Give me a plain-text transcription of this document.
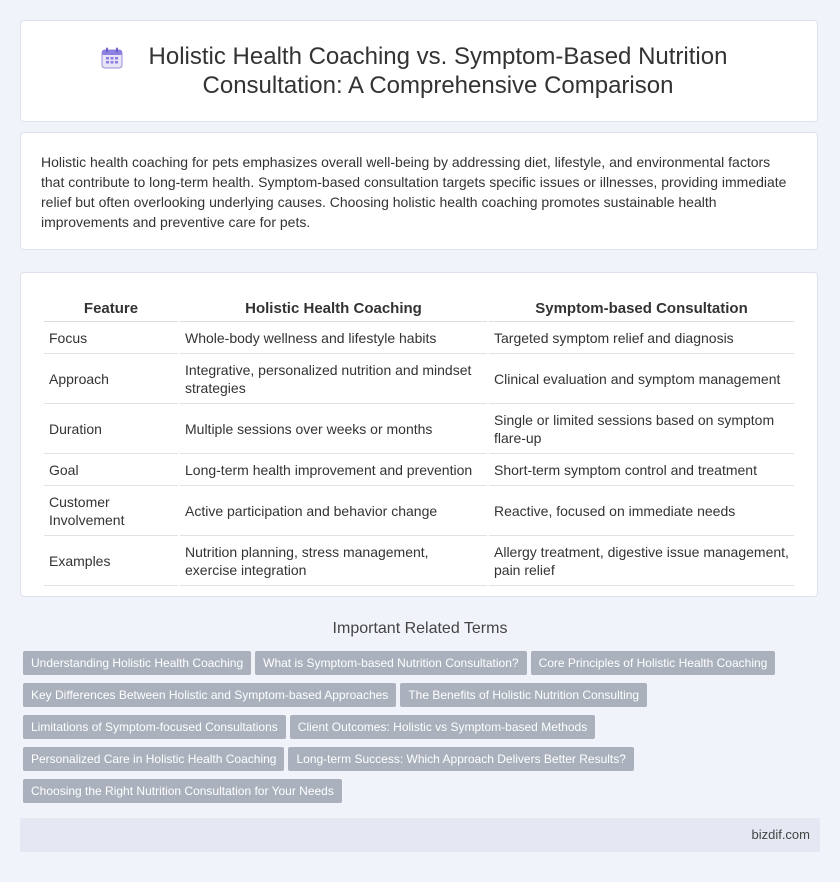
Holistic Health Coaching vs. Symptom-Based Nutrition Consultation: A Comprehensive Comparison
Holistic health coaching for pets emphasizes overall well-being by addressing diet, lifestyle, and environmental factors that contribute to long-term health. Symptom-based consultation targets specific issues or illnesses, providing immediate relief but often overlooking underlying causes. Choosing holistic health coaching promotes sustainable health improvements and preventive care for pets.
Feature	Holistic Health Coaching	Symptom-based Consultation
Focus	Whole-body wellness and lifestyle habits	Targeted symptom relief and diagnosis
Approach	Integrative, personalized nutrition and mindset strategies	Clinical evaluation and symptom management
Duration	Multiple sessions over weeks or months	Single or limited sessions based on symptom flare-up
Goal	Long-term health improvement and prevention	Short-term symptom control and treatment
Customer Involvement	Active participation and behavior change	Reactive, focused on immediate needs
Examples	Nutrition planning, stress management, exercise integration	Allergy treatment, digestive issue management, pain relief
Important Related Terms
Understanding Holistic Health Coaching What is Symptom-based Nutrition Consultation? Core Principles of Holistic Health Coaching
Key Differences Between Holistic and Symptom-based Approaches The Benefits of Holistic Nutrition Consulting
Limitations of Symptom-focused Consultations Client Outcomes: Holistic vs Symptom-based Methods
Personalized Care in Holistic Health Coaching Long-term Success: Which Approach Delivers Better Results?
Choosing the Right Nutrition Consultation for Your Needs
bizdif.com
